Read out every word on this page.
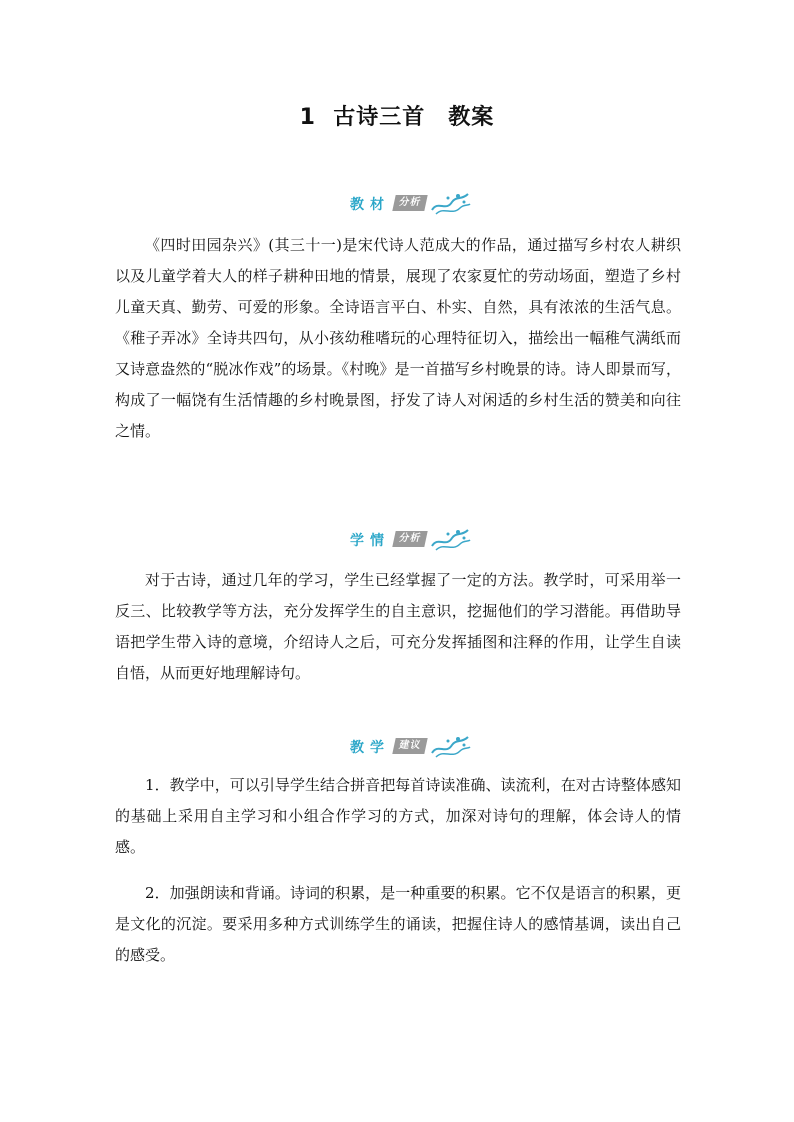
1  古诗三首　教案
教材 分析

《四时田园杂兴》(其三十一)是宋代诗人范成大的作品，通过描写乡村农人耕织以及儿童学着大人的样子耕种田地的情景，展现了农家夏忙的劳动场面，塑造了乡村儿童天真、勤劳、可爱的形象。全诗语言平白、朴实、自然，具有浓浓的生活气息。《稚子弄冰》全诗共四句，从小孩幼稚嗜玩的心理特征切入，描绘出一幅稚气满纸而又诗意盎然的“脱冰作戏”的场景。《村晚》是一首描写乡村晚景的诗。诗人即景而写，构成了一幅饶有生活情趣的乡村晚景图，抒发了诗人对闲适的乡村生活的赞美和向往之情。

学情 分析

对于古诗，通过几年的学习，学生已经掌握了一定的方法。教学时，可采用举一反三、比较教学等方法，充分发挥学生的自主意识，挖掘他们的学习潜能。再借助导语把学生带入诗的意境，介绍诗人之后，可充分发挥插图和注释的作用，让学生自读自悟，从而更好地理解诗句。

教学 建议

1．教学中，可以引导学生结合拼音把每首诗读准确、读流利，在对古诗整体感知的基础上采用自主学习和小组合作学习的方式，加深对诗句的理解，体会诗人的情感。

2．加强朗读和背诵。诗词的积累，是一种重要的积累。它不仅是语言的积累，更是文化的沉淀。要采用多种方式训练学生的诵读，把握住诗人的感情基调，读出自己的感受。
